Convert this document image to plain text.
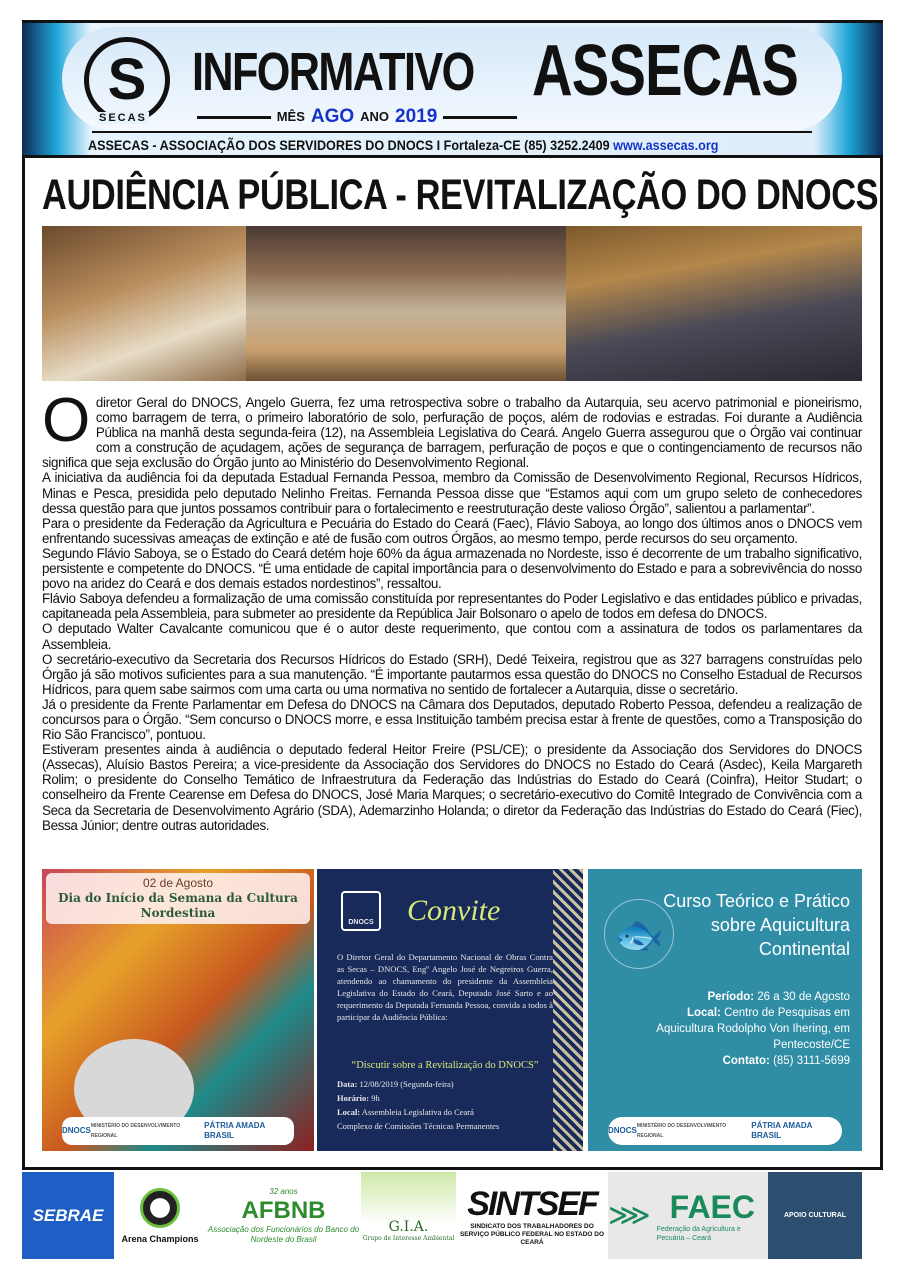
S
SECAS
INFORMATIVO ASSECAS
MÊS AGO ANO 2019
ASSECAS - ASSOCIAÇÃO DOS SERVIDORES DO DNOCS I Fortaleza-CE (85) 3252.2409 www.assecas.org
AUDIÊNCIA PÚBLICA - REVITALIZAÇÃO DO DNOCS

Odiretor Geral do DNOCS, Angelo Guerra, fez uma retrospectiva sobre o trabalho da Autarquia, seu acervo patrimonial e pioneirismo, como barragem de terra, o primeiro laboratório de solo, perfuração de poços, além de rodovias e estradas. Foi durante a Audiência Pública na manhã desta segunda-feira (12), na Assembleia Legislativa do Ceará. Angelo Guerra assegurou que o Órgão vai continuar com a construção de açudagem, ações de segurança de barragem, perfuração de poços e que o contingenciamento de recursos não significa que seja exclusão do Órgão junto ao Ministério do Desenvolvimento Regional.

A iniciativa da audiência foi da deputada Estadual Fernanda Pessoa, membro da Comissão de Desenvolvimento Regional, Recursos Hídricos, Minas e Pesca, presidida pelo deputado Nelinho Freitas. Fernanda Pessoa disse que “Estamos aqui com um grupo seleto de conhecedores dessa questão para que juntos possamos contribuir para o fortalecimento e reestruturação deste valioso Órgão”, salientou a parlamentar”.

Para o presidente da Federação da Agricultura e Pecuária do Estado do Ceará (Faec), Flávio Saboya, ao longo dos últimos anos o DNOCS vem enfrentando sucessivas ameaças de extinção e até de fusão com outros Órgãos, ao mesmo tempo, perde recursos do seu orçamento.

Segundo Flávio Saboya, se o Estado do Ceará detém hoje 60% da água armazenada no Nordeste, isso é decorrente de um trabalho significativo, persistente e competente do DNOCS. “É uma entidade de capital importância para o desenvolvimento do Estado e para a sobrevivência do nosso povo na aridez do Ceará e dos demais estados nordestinos”, ressaltou.

Flávio Saboya defendeu a formalização de uma comissão constituída por representantes do Poder Legislativo e das entidades público e privadas, capitaneada pela Assembleia, para submeter ao presidente da República Jair Bolsonaro o apelo de todos em defesa do DNOCS.

O deputado Walter Cavalcante comunicou que é o autor deste requerimento, que contou com a assinatura de todos os parlamentares da Assembleia.

O secretário-executivo da Secretaria dos Recursos Hídricos do Estado (SRH), Dedé Teixeira, registrou que as 327 barragens construídas pelo Órgão já são motivos suficientes para a sua manutenção. “É importante pautarmos essa questão do DNOCS no Conselho Estadual de Recursos Hídricos, para quem sabe sairmos com uma carta ou uma normativa no sentido de fortalecer a Autarquia, disse o secretário.

Já o presidente da Frente Parlamentar em Defesa do DNOCS na Câmara dos Deputados, deputado Roberto Pessoa, defendeu a realização de concursos para o Órgão. “Sem concurso o DNOCS morre, e essa Instituição também precisa estar à frente de questões, como a Transposição do Rio São Francisco”, pontuou.

Estiveram presentes ainda à audiência o deputado federal Heitor Freire (PSL/CE); o presidente da Associação dos Servidores do DNOCS (Assecas), Aluísio Bastos Pereira; a vice-presidente da Associação dos Servidores do DNOCS no Estado do Ceará (Asdec), Keila Margareth Rolim; o presidente do Conselho Temático de Infraestrutura da Federação das Indústrias do Estado do Ceará (Coinfra), Heitor Studart; o conselheiro da Frente Cearense em Defesa do DNOCS, José Maria Marques; o secretário-executivo do Comitê Integrado de Convivência com a Seca da Secretaria de Desenvolvimento Agrário (SDA), Ademarzinho Holanda; o diretor da Federação das Indústrias do Estado do Ceará (Fiec), Bessa Júnior; dentre outras autoridades.

02 de Agosto
Dia do Início da Semana da Cultura Nordestina
DNOCS MINISTÉRIO DO DESENVOLVIMENTO REGIONAL
PÁTRIA AMADA BRASIL
DNOCS Convite
O Diretor Geral do Departamento Nacional de Obras Contra as Secas – DNOCS, Engº Angelo José de Negreiros Guerra, atendendo ao chamamento do presidente da Assembleia Legislativa do Estado do Ceará, Deputado José Sarto e ao requerimento da Deputada Fernanda Pessoa, convida a todos à participar da Audiência Pública:
“Discutir sobre a Revitalização do DNOCS”
Data: 12/08/2019 (Segunda-feira)
Horário: 9h
Local: Assembleia Legislativa do Ceará
Complexo de Comissões Técnicas Permanentes
🐟
Curso Teórico e Prático
sobre Aquicultura
Continental
Período: 26 a 30 de Agosto
Local: Centro de Pesquisas em Aquicultura Rodolpho Von Ihering, em Pentecoste/CE
Contato: (85) 3111-5699
DNOCS MINISTÉRIO DO DESENVOLVIMENTO REGIONAL
PÁTRIA AMADA BRASIL
SEBRAE
Arena Champions
32 anos
AFBNB
Associação dos Funcionários do Banco do Nordeste do Brasil
G.I.A.
Grupo de Interesse Ambiental
SINTSEF
SINDICATO DOS TRABALHADORES DO SERVIÇO PÚBLICO FEDERAL NO ESTADO DO CEARÁ
⋙ FAEC
Federação da Agricultura e Pecuária – Ceará
APOIO CULTURAL
